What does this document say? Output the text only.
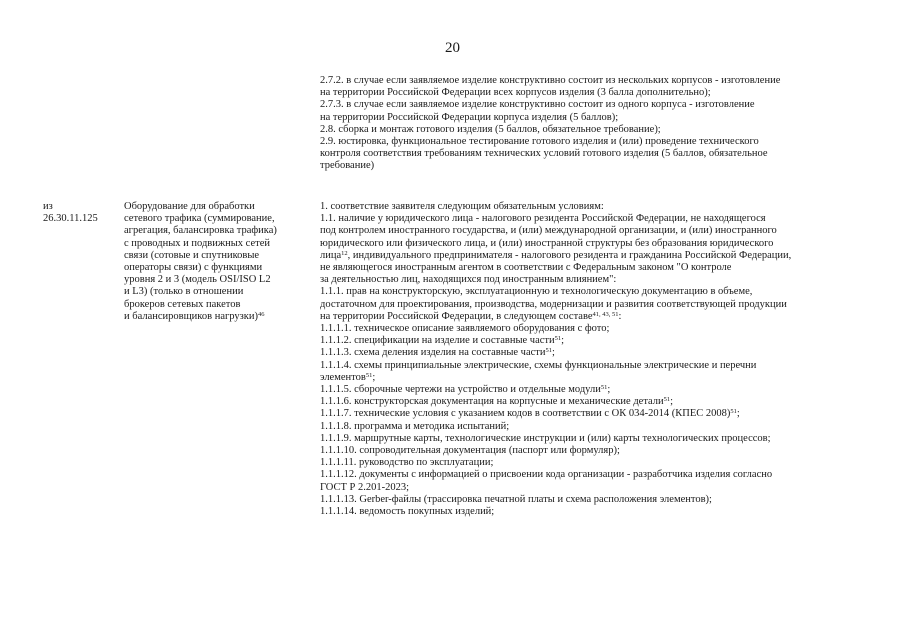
20
2.7.2. в случае если заявляемое изделие конструктивно состоит из нескольких корпусов - изготовление
на территории Российской Федерации всех корпусов изделия (3 балла дополнительно);
2.7.3. в случае если заявляемое изделие конструктивно состоит из одного корпуса - изготовление
на территории Российской Федерации корпуса изделия (5 баллов);
2.8. сборка и монтаж готового изделия (5 баллов, обязательное требование);
2.9. юстировка, функциональное тестирование готового изделия и (или) проведение технического
контроля соответствия требованиям технических условий готового изделия (5 баллов, обязательное
требование)
из
26.30.11.125
Оборудование для обработки
сетевого трафика (суммирование,
агрегация, балансировка трафика)
с проводных и подвижных сетей
связи (сотовые и спутниковые
операторы связи) с функциями
уровня 2 и 3 (модель OSI/ISO L2
и L3) (только в отношении
брокеров сетевых пакетов
и балансировщиков нагрузки)$^{46}$
1. соответствие заявителя следующим обязательным условиям:
1.1. наличие у юридического лица - налогового резидента Российской Федерации, не находящегося
под контролем иностранного государства, и (или) международной организации, и (или) иностранного
юридического или физического лица, и (или) иностранной структуры без образования юридического
лица$^{12}$, индивидуального предпринимателя - налогового резидента и гражданина Российской Федерации,
не являющегося иностранным агентом в соответствии с Федеральным законом "О контроле
за деятельностью лиц, находящихся под иностранным влиянием":
1.1.1. прав на конструкторскую, эксплуатационную и технологическую документацию в объеме,
достаточном для проектирования, производства, модернизации и развития соответствующей продукции
на территории Российской Федерации, в следующем составе$^{41, 43, 51}$:
1.1.1.1. техническое описание заявляемого оборудования с фото;
1.1.1.2. спецификации на изделие и составные части$^{51}$;
1.1.1.3. схема деления изделия на составные части$^{51}$;
1.1.1.4. схемы принципиальные электрические, схемы функциональные электрические и перечни
элементов$^{51}$;
1.1.1.5. сборочные чертежи на устройство и отдельные модули$^{51}$;
1.1.1.6. конструкторская документация на корпусные и механические детали$^{51}$;
1.1.1.7. технические условия с указанием кодов в соответствии с ОК 034-2014 (КПЕС 2008)$^{51}$;
1.1.1.8. программа и методика испытаний;
1.1.1.9. маршрутные карты, технологические инструкции и (или) карты технологических процессов;
1.1.1.10. сопроводительная документация (паспорт или формуляр);
1.1.1.11. руководство по эксплуатации;
1.1.1.12. документы с информацией о присвоении кода организации - разработчика изделия согласно
ГОСТ Р 2.201-2023;
1.1.1.13. Gerber-файлы (трассировка печатной платы и схема расположения элементов);
1.1.1.14. ведомость покупных изделий;
